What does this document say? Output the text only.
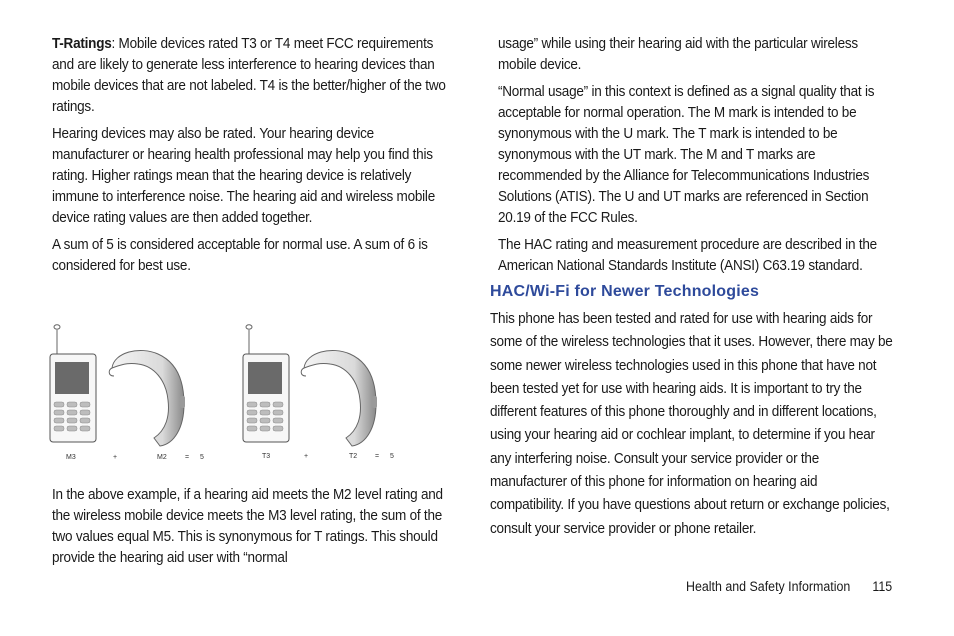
T-Ratings: Mobile devices rated T3 or T4 meet FCC requirements and are likely to generate less interference to hearing devices than mobile devices that are not labeled. T4 is the better/higher of the two ratings.

Hearing devices may also be rated. Your hearing device manufacturer or hearing health professional may help you find this rating. Higher ratings mean that the hearing device is relatively immune to interference noise. The hearing aid and wireless mobile device rating values are then added together.

A sum of 5 is considered acceptable for normal use. A sum of 6 is considered for best use.

M3	+	M2	= 5	T3	+	T2	= 5

In the above example, if a hearing aid meets the M2 level rating and the wireless mobile device meets the M3 level rating, the sum of the two values equal M5. This is synonymous for T ratings. This should provide the hearing aid user with “normal

usage” while using their hearing aid with the particular wireless mobile device.

“Normal usage” in this context is defined as a signal quality that is acceptable for normal operation. The M mark is intended to be synonymous with the U mark. The T mark is intended to be synonymous with the UT mark. The M and T marks are recommended by the Alliance for Telecommunications Industries Solutions (ATIS). The U and UT marks are referenced in Section 20.19 of the FCC Rules.

The HAC rating and measurement procedure are described in the American National Standards Institute (ANSI) C63.19 standard.

HAC/Wi-Fi for Newer Technologies

This phone has been tested and rated for use with hearing aids for some of the wireless technologies that it uses. However, there may be some newer wireless technologies used in this phone that have not been tested yet for use with hearing aids. It is important to try the different features of this phone thoroughly and in different locations, using your hearing aid or cochlear implant, to determine if you hear any interfering noise. Consult your service provider or the manufacturer of this phone for information on hearing aid compatibility. If you have questions about return or exchange policies, consult your service provider or phone retailer.

Health and Safety Information 115
